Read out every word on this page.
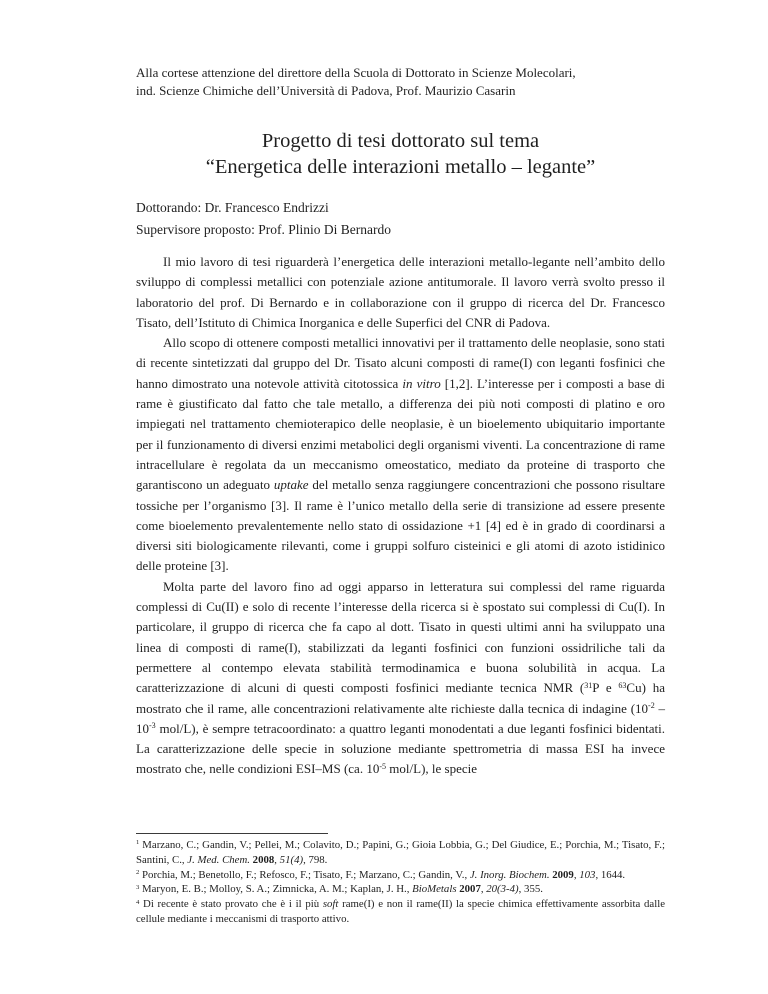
Alla cortese attenzione del direttore della Scuola di Dottorato in Scienze Molecolari,
ind. Scienze Chimiche dell’Università di Padova, Prof. Maurizio Casarin
Progetto di tesi dottorato sul tema
“Energetica delle interazioni metallo – legante”
Dottorando: Dr. Francesco Endrizzi
Supervisore proposto: Prof. Plinio Di Bernardo

Il mio lavoro di tesi riguarderà l’energetica delle interazioni metallo-legante nell’ambito dello sviluppo di complessi metallici con potenziale azione antitumorale. Il lavoro verrà svolto presso il laboratorio del prof. Di Bernardo e in collaborazione con il gruppo di ricerca del Dr. Francesco Tisato, dell’Istituto di Chimica Inorganica e delle Superfici del CNR di Padova.

Allo scopo di ottenere composti metallici innovativi per il trattamento delle neoplasie, sono stati di recente sintetizzati dal gruppo del Dr. Tisato alcuni composti di rame(I) con leganti fosfinici che hanno dimostrato una notevole attività citotossica in vitro [1,2]. L’interesse per i composti a base di rame è giustificato dal fatto che tale metallo, a differenza dei più noti composti di platino e oro impiegati nel trattamento chemioterapico delle neoplasie, è un bioelemento ubiquitario importante per il funzionamento di diversi enzimi metabolici degli organismi viventi. La concentrazione di rame intracellulare è regolata da un meccanismo omeostatico, mediato da proteine di trasporto che garantiscono un adeguato uptake del metallo senza raggiungere concentrazioni che possono risultare tossiche per l’organismo [3]. Il rame è l’unico metallo della serie di transizione ad essere presente come bioelemento prevalentemente nello stato di ossidazione +1 [4] ed è in grado di coordinarsi a diversi siti biologicamente rilevanti, come i gruppi solfuro cisteinici e gli atomi di azoto istidinico delle proteine [3].

Molta parte del lavoro fino ad oggi apparso in letteratura sui complessi del rame riguarda complessi di Cu(II) e solo di recente l’interesse della ricerca si è spostato sui complessi di Cu(I). In particolare, il gruppo di ricerca che fa capo al dott. Tisato in questi ultimi anni ha sviluppato una linea di composti di rame(I), stabilizzati da leganti fosfinici con funzioni ossidriliche tali da permettere al contempo elevata stabilità termodinamica e buona solubilità in acqua. La caratterizzazione di alcuni di questi composti fosfinici mediante tecnica NMR ($^{31}$P e $^{63}$Cu) ha mostrato che il rame, alle concentrazioni relativamente alte richieste dalla tecnica di indagine ($10^{-2} - 10^{-3}$ mol/L), è sempre tetracoordinato: a quattro leganti monodentati a due leganti fosfinici bidentati. La caratterizzazione delle specie in soluzione mediante spettrometria di massa ESI ha invece mostrato che, nelle condizioni ESI–MS (ca. $10^{-5}$ mol/L), le specie

$^1$ Marzano, C.; Gandin, V.; Pellei, M.; Colavito, D.; Papini, G.; Gioia Lobbia, G.; Del Giudice, E.; Porchia, M.; Tisato, F.; Santini, C., J. Med. Chem. 2008, 51(4), 798.

$^2$ Porchia, M.; Benetollo, F.; Refosco, F.; Tisato, F.; Marzano, C.; Gandin, V., J. Inorg. Biochem. 2009, 103, 1644.

$^3$ Maryon, E. B.; Molloy, S. A.; Zimnicka, A. M.; Kaplan, J. H., BioMetals 2007, 20(3-4), 355.

$^4$ Di recente è stato provato che è i il più soft rame(I) e non il rame(II) la specie chimica effettivamente assorbita dalle cellule mediante i meccanismi di trasporto attivo.
